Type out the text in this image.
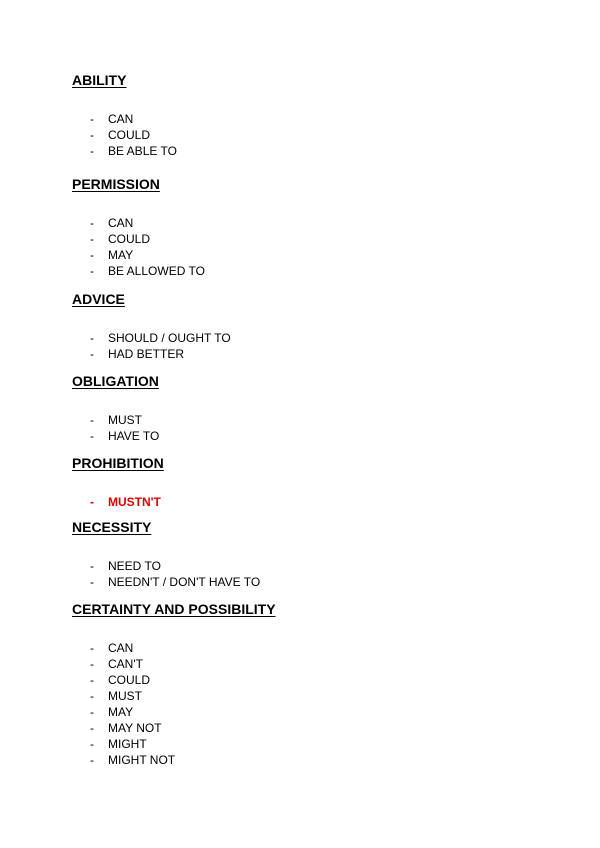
ABILITY
- CAN
- COULD
- BE ABLE TO
PERMISSION
- CAN
- COULD
- MAY
- BE ALLOWED TO
ADVICE
- SHOULD / OUGHT TO
- HAD BETTER
OBLIGATION
- MUST
- HAVE TO
PROHIBITION
- MUSTN'T
NECESSITY
- NEED TO
- NEEDN'T / DON'T HAVE TO
CERTAINTY AND POSSIBILITY
- CAN
- CAN'T
- COULD
- MUST
- MAY
- MAY NOT
- MIGHT
- MIGHT NOT
